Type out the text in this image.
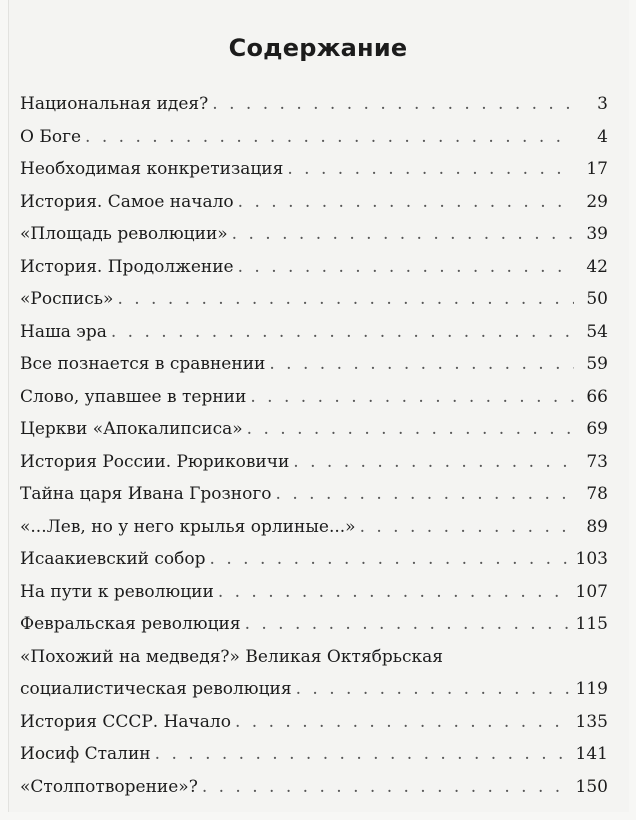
Содержание
Национальная идея? . . .	3
О Боге . . .	4
Необходимая конкретизация . . .	17
История. Самое начало . . .	29
«Площадь революции» . . .	39
История. Продолжение . . .	42
«Роспись» . . .	50
Наша эра . . .	54
Все познается в сравнении . . .	59
Слово, упавшее в тернии . . .	66
Церкви «Апокалипсиса» . . .	69
История России. Рюриковичи . . .	73
Тайна царя Ивана Грозного . . .	78
«...Лев, но у него крылья орлиные...» . . .	89
Исаакиевский собор . . .	103
На пути к революции . . .	107
Февральская революция . . .	115
«Похожий на медведя?» Великая Октябрьская
социалистическая революция . . .	119
История СССР. Начало . . .	135
Иосиф Сталин . . .	141
«Столпотворение»? . . .	150
